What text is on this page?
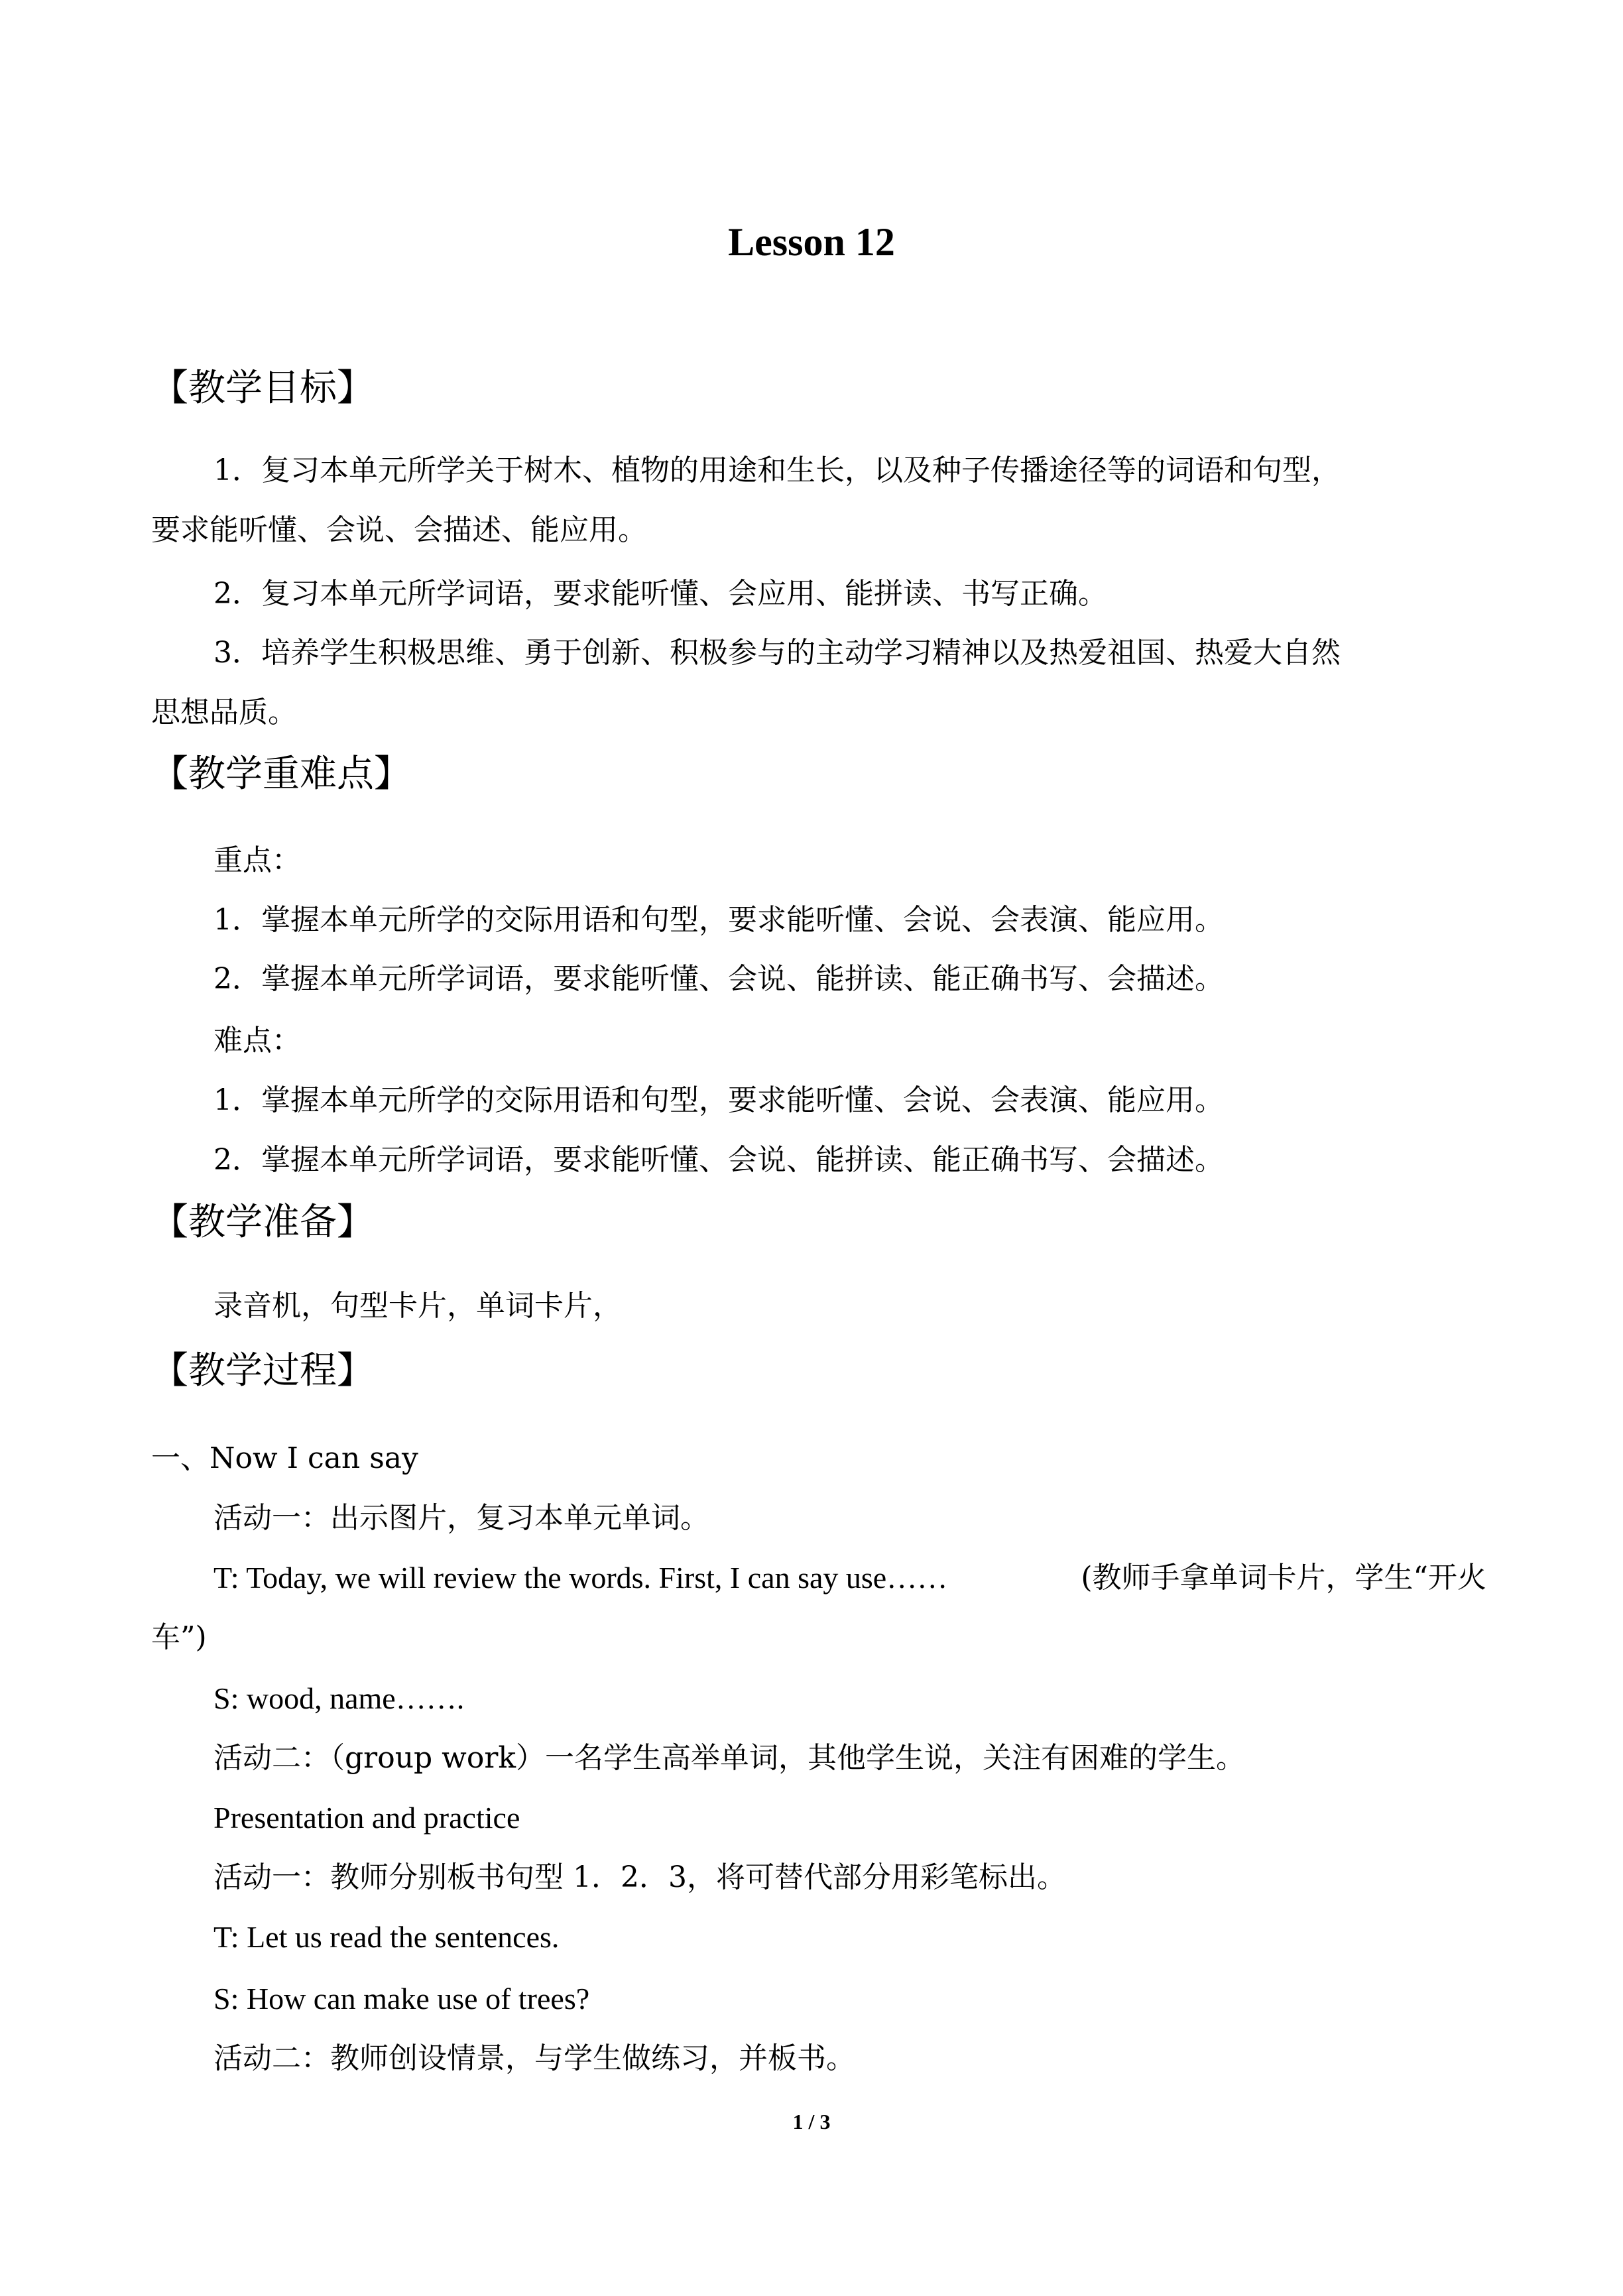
Lesson 12
【教学目标】
1．复习本单元所学关于树木、植物的用途和生长，以及种子传播途径等的词语和句型，
要求能听懂、会说、会描述、能应用。
2．复习本单元所学词语，要求能听懂、会应用、能拼读、书写正确。
3．培养学生积极思维、勇于创新、积极参与的主动学习精神以及热爱祖国、热爱大自然
思想品质。
【教学重难点】
重点：
1．掌握本单元所学的交际用语和句型，要求能听懂、会说、会表演、能应用。
2．掌握本单元所学词语，要求能听懂、会说、能拼读、能正确书写、会描述。
难点：
1．掌握本单元所学的交际用语和句型，要求能听懂、会说、会表演、能应用。
2．掌握本单元所学词语，要求能听懂、会说、能拼读、能正确书写、会描述。
【教学准备】
录音机，句型卡片，单词卡片，
【教学过程】
一、Now I can say
活动一：出示图片，复习本单元单词。
T: Today, we will review the words. First, I can say use……	(教师手拿单词卡片，学生“开火
车”)
S: wood, name…….
活动二：（group work）一名学生高举单词，其他学生说，关注有困难的学生。
Presentation and practice
活动一：教师分别板书句型 1．2．3，将可替代部分用彩笔标出。
T: Let us read the sentences.
S: How can make use of trees?
活动二：教师创设情景，与学生做练习，并板书。
1 / 3
